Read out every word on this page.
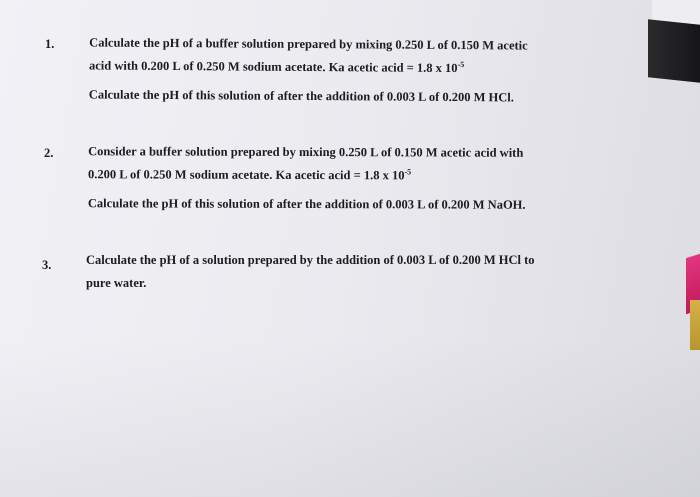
1.	Calculate the pH of a buffer solution prepared by mixing 0.250 L of 0.150 M acetic
acid with 0.200 L of 0.250 M sodium acetate. Ka acetic acid = 1.8 x $10^{-5}$
Calculate the pH of this solution of after the addition of 0.003 L of 0.200 M HCl.
2.	Consider a buffer solution prepared by mixing 0.250 L of 0.150 M acetic acid with
0.200 L of 0.250 M sodium acetate. Ka acetic acid = 1.8 x $10^{-5}$
Calculate the pH of this solution of after the addition of 0.003 L of 0.200 M NaOH.
3.	Calculate the pH of a solution prepared by the addition of 0.003 L of 0.200 M HCl to
pure water.
